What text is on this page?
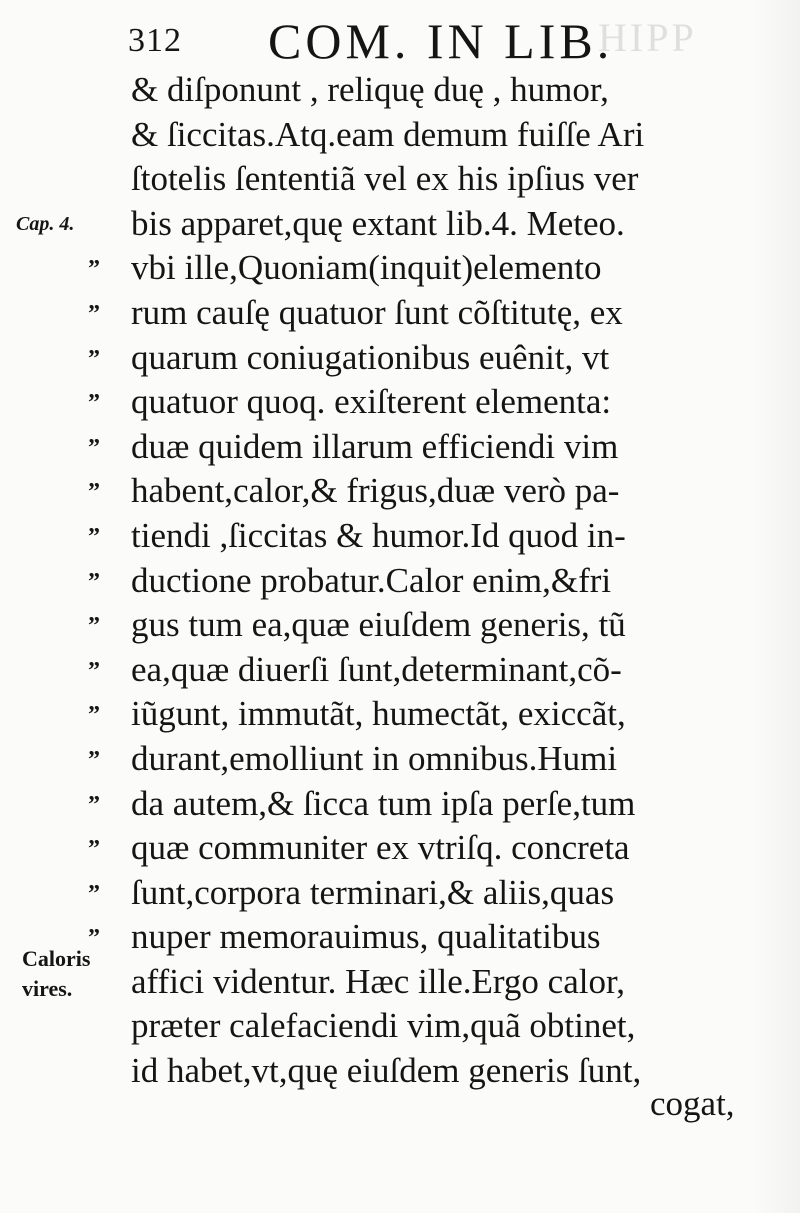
312 COM. IN LIB.
HIPP
& diſponunt , reliquę duę , humor,
& ſiccitas.Atq.eam demum fuiſſe Ari
ſtotelis ſententiã vel ex his ipſius ver
Cap. 4. bis apparet,quę extant lib.4. Meteo.
” vbi ille,Quoniam(inquit)elemento
” rum cauſę quatuor ſunt cõſtitutę, ex
” quarum coniugationibus euênit, vt
” quatuor quoq. exiſterent elementa:
” duæ quidem illarum efficiendi vim
” habent,calor,& frigus,duæ verò pa-
” tiendi ,ſiccitas & humor.Id quod in-
” ductione probatur.Calor enim,&fri
” gus tum ea,quæ eiuſdem generis, tũ
” ea,quæ diuerſi ſunt,determinant,cõ-
” iũgunt, immutãt, humectãt, exiccãt,
” durant,emolliunt in omnibus.Humi
” da autem,& ſicca tum ipſa perſe,tum
” quæ communiter ex vtriſq. concreta
” ſunt,corpora terminari,& aliis,quas
” nuper memorauimus, qualitatibus
affici videntur. Hæc ille.Ergo calor,
præter calefaciendi vim,quã obtinet,
id habet,vt,quę eiuſdem generis ſunt,
Caloris vires.
cogat,
